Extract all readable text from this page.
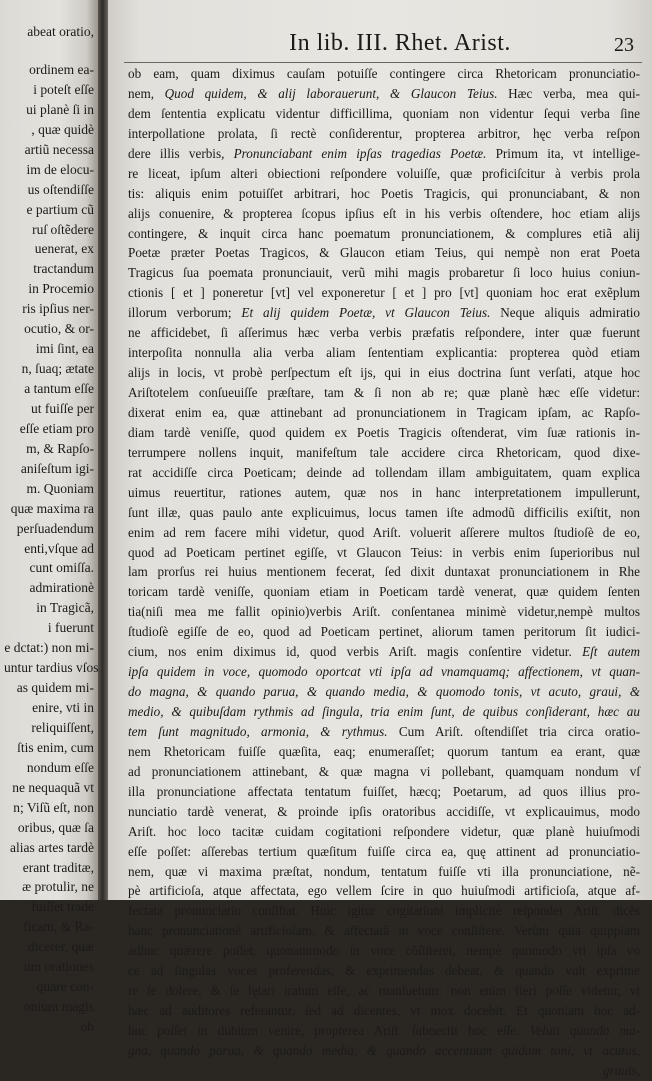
abeat oratio,
ordinem ea-
i poteſt eſſe
ui planè ſi in
, quæ quidè
artiũ necessa
im de elocu-
us oſtendiſſe
e partium cũ
ruſ oſtẽdere
uenerat, ex
tractandum
in Procemio
ris ipſius ner-
ocutio, & or-
imi ſint, ea
n, ſuaq; ætate
a tantum eſſe
ut fuiſſe per
eſſe etiam pro
m, & Rapſo-
aniſeſtum igi-
m. Quoniam
quæ maxima ra
perſuadendum
enti,vſque ad
cunt omiſſa.
admirationè
in Tragicã,
i fuerunt
e dctat:) non mi-
untur tardius vſos
as quidem mi-
enire, vti in
reliquiſſent,
ſtis enim, cum
nondum eſſe
ne nequaquã vt
n; Viſũ eſt, non
oribus, quæ ſa
alias artes tardè
erant traditæ,
æ protulir, ne
fuiſſet trade
ficam, & Ra-
dicerer, quæ
um orationes
quare con-
onium magis
ob
In lib. III. Rhet. Arist.	23
ob eam, quam diximus cauſam potuiſſe contingere circa Rhetoricam pronunciatio-
nem, Quod quidem, & alij laborauerunt, & Glaucon Teius. Hæc verba, mea qui-
dem ſententia explicatu videntur difficillima, quoniam non videntur ſequi verba ſine
interpollatione prolata, ſi rectè conſiderentur, propterea arbitror, hęc verba reſpon
dere illis verbis, Pronunciabant enim ipſas tragedias Poetæ. Primum ita, vt intellige-
re liceat, ipſum alteri obiectioni reſpondere voluiſſe, quæ proficiſcitur à verbis prola
tis: aliquis enim potuiſſet arbitrari, hoc Poetis Tragicis, qui pronunciabant, & non
alijs conuenire, & propterea ſcopus ipſius eſt in his verbis oſtendere, hoc etiam alijs
contingere, & inquit circa hanc poematum pronunciationem, & complures etiã alij
Poetæ præter Poetas Tragicos, & Glaucon etiam Teius, qui nempè non erat Poeta
Tragicus ſua poemata pronunciauit, verũ mihi magis probaretur ſi loco huius coniun-
ctionis [ et ] poneretur [vt] vel exponeretur [ et ] pro [vt] quoniam hoc erat exẽplum
illorum verborum; Et alij quidem Poetæ, vt Glaucon Teius. Neque aliquis admiratio
ne afficidebet, ſi aſſerimus hæc verba verbis præfatis reſpondere, inter quæ fuerunt
interpoſita nonnulla alia verba aliam ſententiam explicantia: propterea quòd etiam
alijs in locis, vt probè perſpectum eſt ijs, qui in eius doctrina ſunt verſati, atque hoc
Ariſtotelem conſueuiſſe præſtare, tam & ſi non ab re; quæ planè hæc eſſe videtur:
dixerat enim ea, quæ attinebant ad pronunciationem in Tragicam ipſam, ac Rapſo-
diam tardè veniſſe, quod quidem ex Poetis Tragicis oſtenderat, vim ſuæ rationis in-
terrumpere nollens inquit, manifeſtum tale accidere circa Rhetoricam, quod dixe-
rat accidiſſe circa Poeticam; deinde ad tollendam illam ambiguitatem, quam explica
uimus reuertitur, rationes autem, quæ nos in hanc interpretationem impullerunt,
ſunt illæ, quas paulo ante explicuimus, locus tamen iſte admodũ difficilis exiſtit, non
enim ad rem facere mihi videtur, quod Ariſt. voluerit aſſerere multos ſtudioſè de eo,
quod ad Poeticam pertinet egiſſe, vt Glaucon Teius: in verbis enim ſuperioribus nul
lam prorſus rei huius mentionem fecerat, ſed dixit duntaxat pronunciationem in Rhe
toricam tardè veniſſe, quoniam etiam in Poeticam tardè venerat, quæ quidem ſenten
tia(niſi mea me fallit opinio)verbis Ariſt. conſentanea minimè videtur,nempè multos
ſtudioſè egiſſe de eo, quod ad Poeticam pertinet, aliorum tamen peritorum ſit iudici-
cium, nos enim diximus id, quod verbis Ariſt. magis conſentire videtur. Eſt autem
ipſa quidem in voce, quomodo oportcat vti ipſa ad vnamquamq; affectionem, vt quan-
do magna, & quando parua, & quando media, & quomodo tonis, vt acuto, graui, &
medio, & quibuſdam rythmis ad ſingula, tria enim ſunt, de quibus conſiderant, hæc au
tem ſunt magnitudo, armonia, & rythmus. Cum Ariſt. oſtendiſſet tria circa oratio-
nem Rhetoricam fuiſſe quæſita, eaq; enumeraſſet; quorum tantum ea erant, quæ
ad pronunciationem attinebant, & quæ magna vi pollebant, quamquam nondum vſ
illa pronunciatione affectata tentatum fuiſſet, hæcq; Poetarum, ad quos illius pro-
nunciatio tardè venerat, & proinde ipſis oratoribus accidiſſe, vt explicauimus, modo
Ariſt. hoc loco tacitæ cuidam cogitationi reſpondere videtur, quæ planè huiuſmodi
eſſe poſſet: aſſerebas tertium quæſitum fuiſſe circa ea, quę attinent ad pronunciatio-
nem, quæ vi maxima præſtat, nondum, tentatum fuiſſe vti illa pronunciatione, nẽ-
pè artificioſa, atque affectata, ego vellem ſcire in quo huiuſmodi artificioſa, atque af-
fectata pronunciatio conſiſtat. Huic igitur cogitationi implicitè reſpondet Ariſt. dicẽs
hanc pronunciationẽ artificioſam, & affectatã in voce conſiſtere. Verũm quia quippiam
adhuc quærere poſſet, quonammodo in voce cõſiſteret, nempè quomodo vti ipſa vo
ce ad ſingulas voces proferendas, & exprimendas debeat, & quando vult exprime
re ſe dolere, & ſe lętari iratum eſſe, ac manſuetum: non enim fieri poſſe videtur, vt
hæc ad auditores referantur, ſed ad dicentes, vt mox docebit. Et quoniam hoc ad-
huc poſſet in dubium venire, propterea Ariſt. ſubnectit hoc eſſe. Veluti quando ma-
gna, quando parua, & quando media, & quando accentuum quidam toni, vt acutus,
grauis,
